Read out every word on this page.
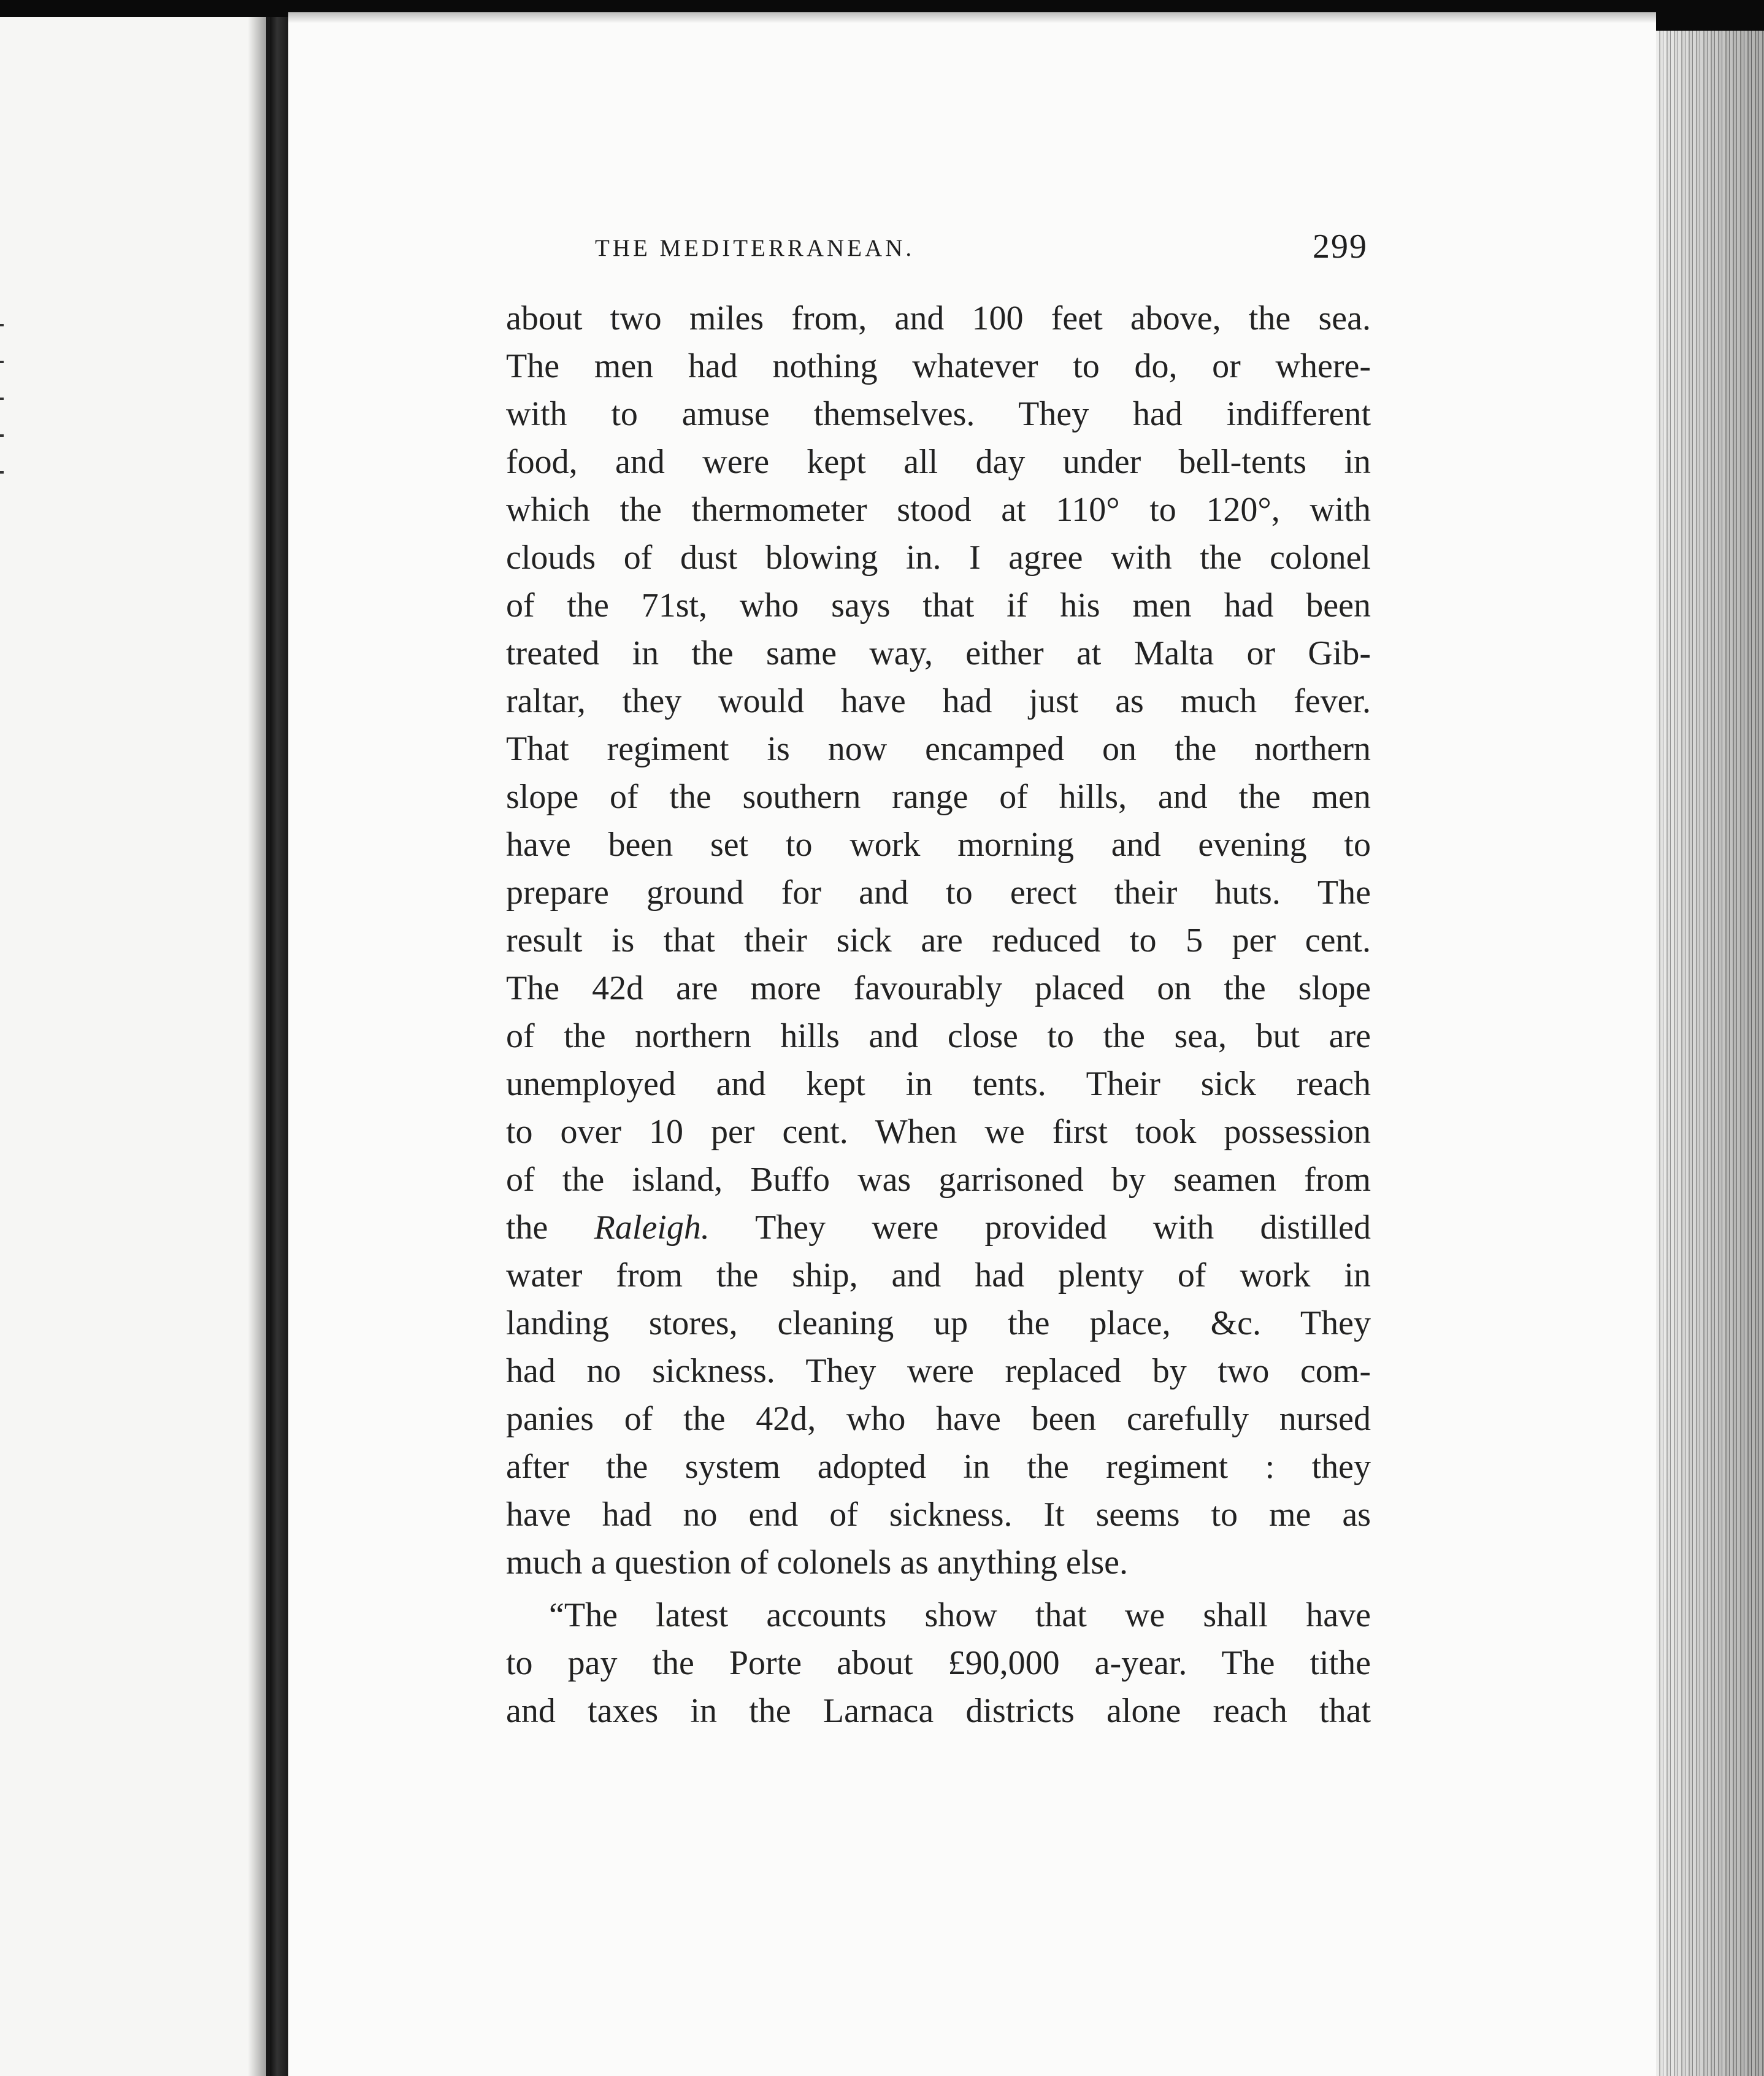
THE MEDITERRANEAN.	299
about two miles from, and 100 feet above, the sea.
The men had nothing whatever to do, or where-
with to amuse themselves. They had indifferent
food, and were kept all day under bell-tents in
which the thermometer stood at 110° to 120°, with
clouds of dust blowing in. I agree with the colonel
of the 71st, who says that if his men had been
treated in the same way, either at Malta or Gib-
raltar, they would have had just as much fever.
That regiment is now encamped on the northern
slope of the southern range of hills, and the men
have been set to work morning and evening to
prepare ground for and to erect their huts. The
result is that their sick are reduced to 5 per cent.
The 42d are more favourably placed on the slope
of the northern hills and close to the sea, but are
unemployed and kept in tents. Their sick reach
to over 10 per cent. When we first took possession
of the island, Buffo was garrisoned by seamen from
the Raleigh. They were provided with distilled
water from the ship, and had plenty of work in
landing stores, cleaning up the place, &c. They
had no sickness. They were replaced by two com-
panies of the 42d, who have been carefully nursed
after the system adopted in the regiment : they
have had no end of sickness. It seems to me as
much a question of colonels as anything else.
“The latest accounts show that we shall have
to pay the Porte about £90,000 a-year. The tithe
and taxes in the Larnaca districts alone reach that
